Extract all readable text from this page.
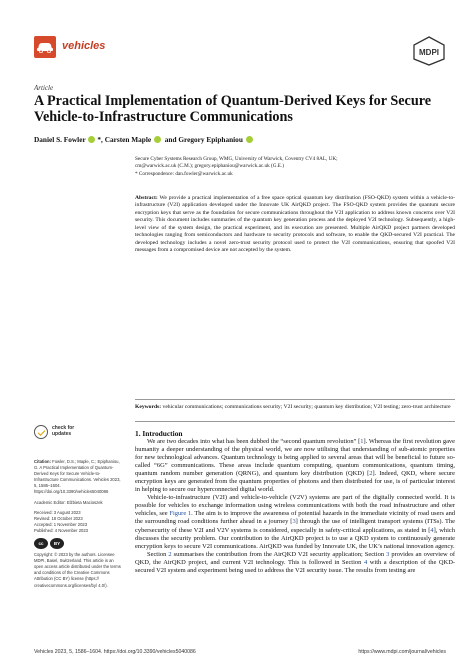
vehicles
MDPI
Article
A Practical Implementation of Quantum-Derived Keys for Secure Vehicle-to-Infrastructure Communications
Daniel S. Fowler *, Carsten Maple and Gregory Epiphaniou
Secure Cyber Systems Research Group, WMG, University of Warwick, Coventry CV4 8AL, UK;
cm@warwick.ac.uk (C.M.); gregory.epiphaniou@warwick.ac.uk (G.E.)
* Correspondence: dan.fowler@warwick.ac.uk
Abstract: We provide a practical implementation of a free space optical quantum key distribution (FSO-QKD) system within a vehicle-to-infrastructure (V2I) application developed under the Innovate UK AirQKD project. The FSO-QKD system provides the quantum secure encryption keys that serve as the foundation for secure communications throughout the V2I application to address known concerns over V2I security. This document includes summaries of the quantum key generation process and the deployed V2I technology. Subsequently, a high-level view of the system design, the practical experiment, and its execution are presented. Multiple AirQKD project partners developed technologies ranging from semiconductors and hardware to security protocols and software, to enable the QKD-secured V2I practical. The developed technology includes a novel zero-trust security protocol used to protect the V2I communications, ensuring that spoofed V2I messages from a compromised device are not accepted by the system.
Keywords: vehicular communications; communications security; V2I security; quantum key distribution; V2I testing; zero-trust architecture
check for
updates
Citation: Fowler, D.S.; Maple, C.; Epiphaniou, G. A Practical Implementation of Quantum-Derived Keys for Secure Vehicle-to-Infrastructure Communications. Vehicles 2023, 5, 1586–1604. https://doi.org/10.3390/vehicles5040086
Academic Editor: Elżbieta Macioszek
Received: 3 August 2023
Revised: 18 October 2023
Accepted: 1 November 2023
Published: 4 November 2023
cc	BY
Copyright: © 2023 by the authors. Licensee MDPI, Basel, Switzerland. This article is an open access article distributed under the terms and conditions of the Creative Commons Attribution (CC BY) license (https:// creativecommons.org/licenses/by/ 4.0/).
1. Introduction

We are two decades into what has been dubbed the “second quantum revolution” [1]. Whereas the first revolution gave humanity a deeper understanding of the physical world, we are now utilising that understanding of sub-atomic properties for new technological advances. Quantum technology is being applied to several areas that will be beneficial to future so-called “6G” communications. These areas include quantum computing, quantum communications, quantum timing, quantum random number generation (QRNG), and quantum key distribution (QKD) [2]. Indeed, QKD, where secure encryption keys are generated from the quantum properties of photons and then distributed for use, is of particular interest in helping to secure our hyperconnected digital world.

Vehicle-to-infrastructure (V2I) and vehicle-to-vehicle (V2V) systems are part of the digitally connected world. It is possible for vehicles to exchange information using wireless communications with both the road infrastructure and other vehicles, see Figure 1. The aim is to improve the awareness of potential hazards in the immediate vicinity of road users and the surrounding road conditions further ahead in a journey [3] through the use of intelligent transport systems (ITSs). The cybersecurity of these V2I and V2V systems is considered, especially in safety-critical applications, as stated in [4], which discusses the security problem. Our contribution to the AirQKD project is to use a QKD system to continuously generate encryption keys to secure V2I communications. AirQKD was funded by Innovate UK, the UK’s national innovation agency.

Section 2 summarises the contribution from the AirQKD V2I security application; Section 3 provides an overview of QKD, the AirQKD project, and current V2I technology. This is followed in Section 4 with a description of the QKD-secured V2I system and experiment being used to address the V2I security issue. The results from testing are

Vehicles 2023, 5, 1586–1604. https://doi.org/10.3390/vehicles5040086	https://www.mdpi.com/journal/vehicles
